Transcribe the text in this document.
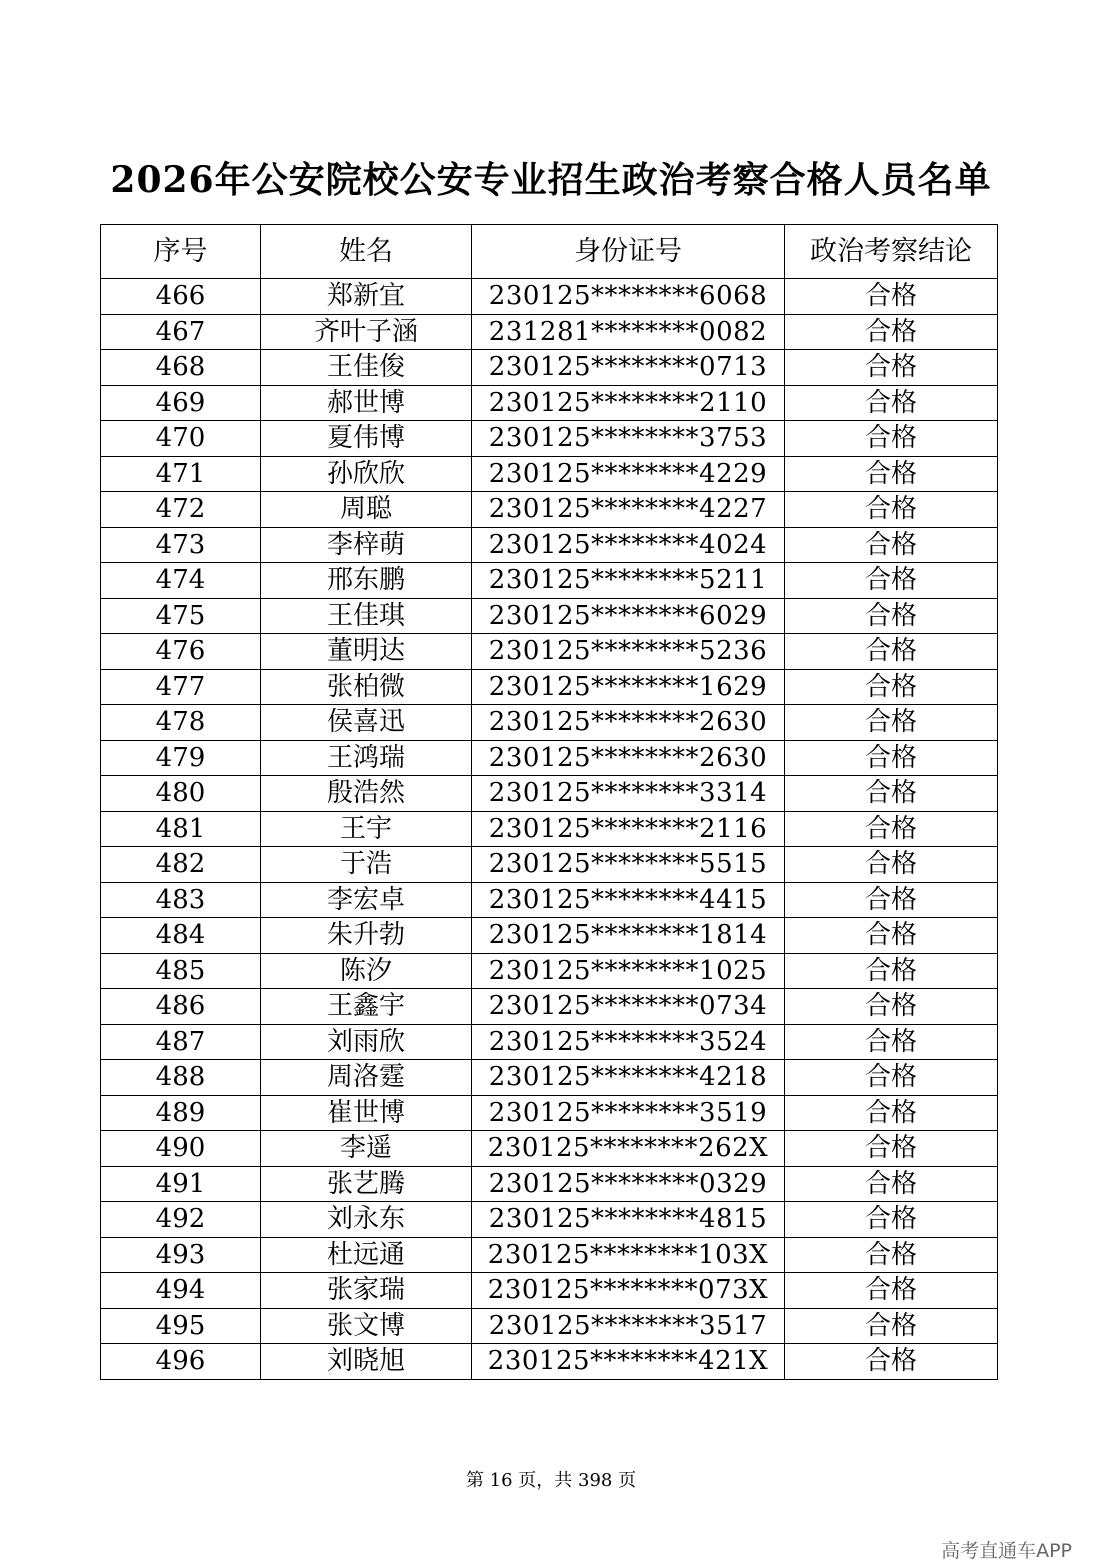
2026年公安院校公安专业招生政治考察合格人员名单
序号	姓名	身份证号	政治考察结论
466	郑新宜	230125********6068	合格
467	齐叶子涵	231281********0082	合格
468	王佳俊	230125********0713	合格
469	郝世博	230125********2110	合格
470	夏伟博	230125********3753	合格
471	孙欣欣	230125********4229	合格
472	周聪	230125********4227	合格
473	李梓萌	230125********4024	合格
474	邢东鹏	230125********5211	合格
475	王佳琪	230125********6029	合格
476	董明达	230125********5236	合格
477	张柏微	230125********1629	合格
478	侯喜迅	230125********2630	合格
479	王鸿瑞	230125********2630	合格
480	殷浩然	230125********3314	合格
481	王宇	230125********2116	合格
482	于浩	230125********5515	合格
483	李宏卓	230125********4415	合格
484	朱升勃	230125********1814	合格
485	陈汐	230125********1025	合格
486	王鑫宇	230125********0734	合格
487	刘雨欣	230125********3524	合格
488	周洛霆	230125********4218	合格
489	崔世博	230125********3519	合格
490	李遥	230125********262X	合格
491	张艺腾	230125********0329	合格
492	刘永东	230125********4815	合格
493	杜远通	230125********103X	合格
494	张家瑞	230125********073X	合格
495	张文博	230125********3517	合格
496	刘晓旭	230125********421X	合格
第 16 页，共 398 页
高考直通车APP
